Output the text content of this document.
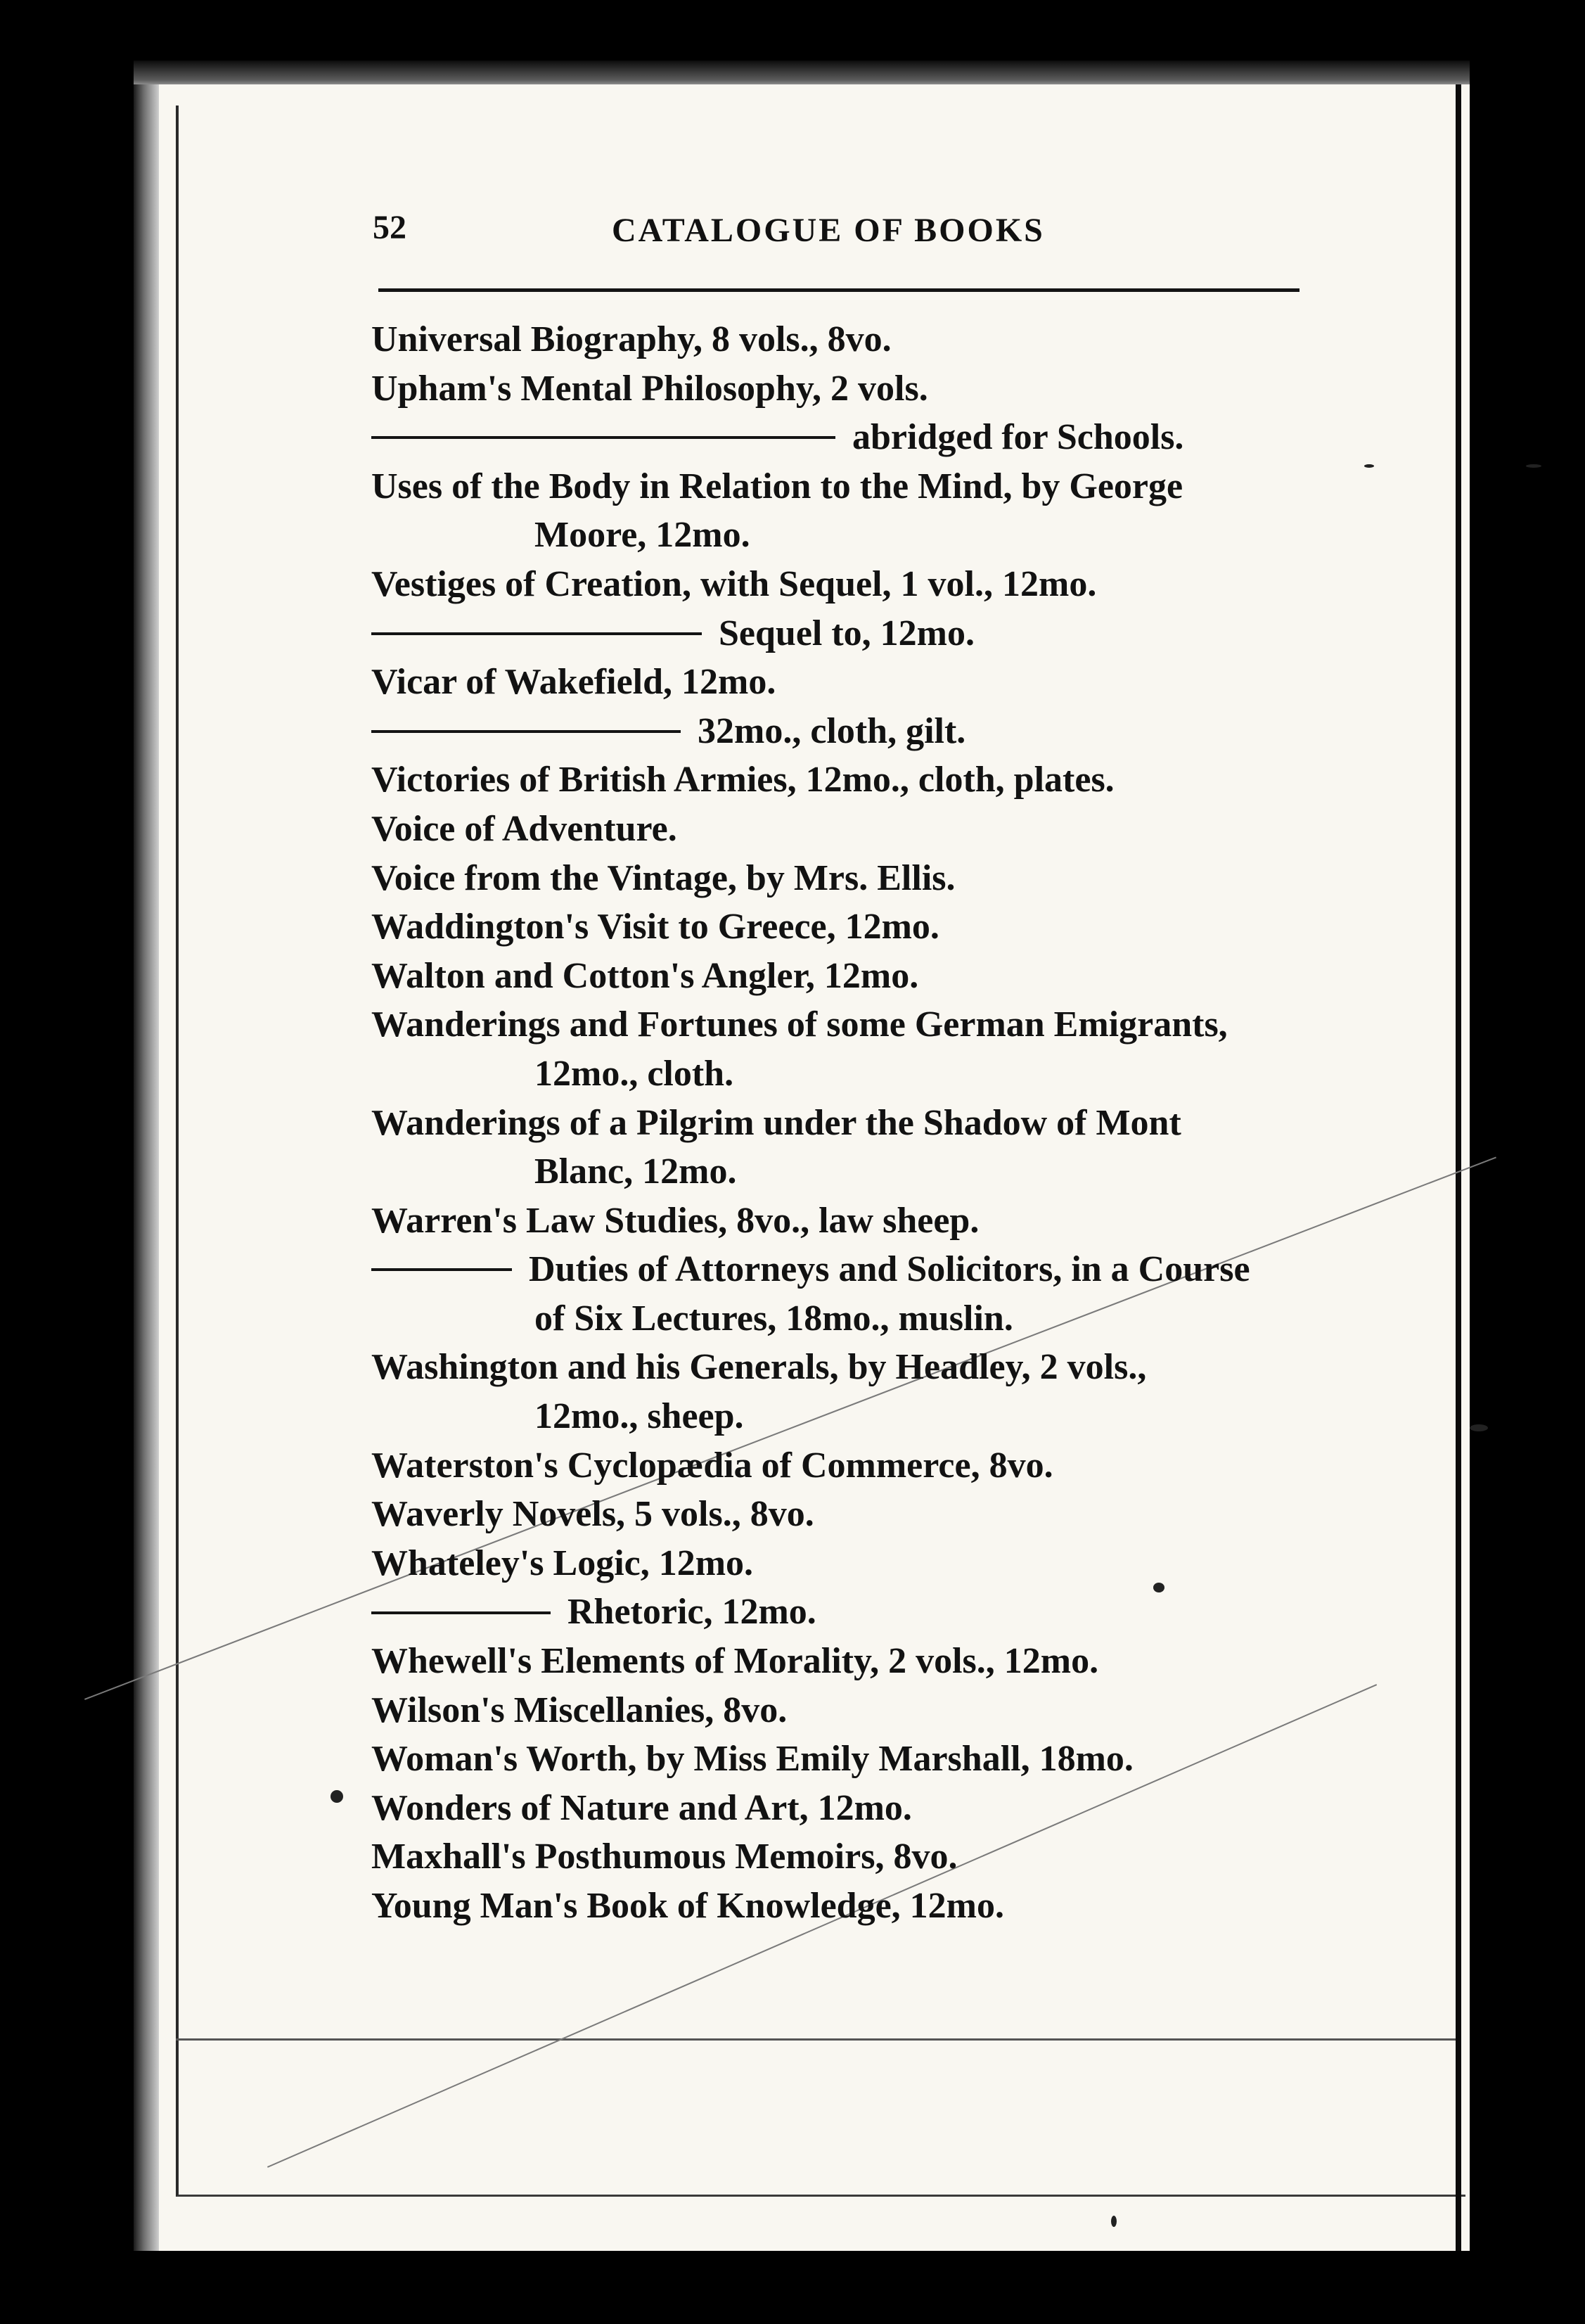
52	CATALOGUE OF BOOKS
Universal Biography, 8 vols., 8vo.
Upham's Mental Philosophy, 2 vols.
abridged for Schools.
Uses of the Body in Relation to the Mind, by George
Moore, 12mo.
Vestiges of Creation, with Sequel, 1 vol., 12mo.
Sequel to, 12mo.
Vicar of Wakefield, 12mo.
32mo., cloth, gilt.
Victories of British Armies, 12mo., cloth, plates.
Voice of Adventure.
Voice from the Vintage, by Mrs. Ellis.
Waddington's Visit to Greece, 12mo.
Walton and Cotton's Angler, 12mo.
Wanderings and Fortunes of some German Emigrants,
12mo., cloth.
Wanderings of a Pilgrim under the Shadow of Mont
Blanc, 12mo.
Warren's Law Studies, 8vo., law sheep.
Duties of Attorneys and Solicitors, in a Course
of Six Lectures, 18mo., muslin.
Washington and his Generals, by Headley, 2 vols.,
12mo., sheep.
Waterston's Cyclopædia of Commerce, 8vo.
Waverly Novels, 5 vols., 8vo.
Whateley's Logic, 12mo.
Rhetoric, 12mo.
Whewell's Elements of Morality, 2 vols., 12mo.
Wilson's Miscellanies, 8vo.
Woman's Worth, by Miss Emily Marshall, 18mo.
Wonders of Nature and Art, 12mo.
Maxhall's Posthumous Memoirs, 8vo.
Young Man's Book of Knowledge, 12mo.
